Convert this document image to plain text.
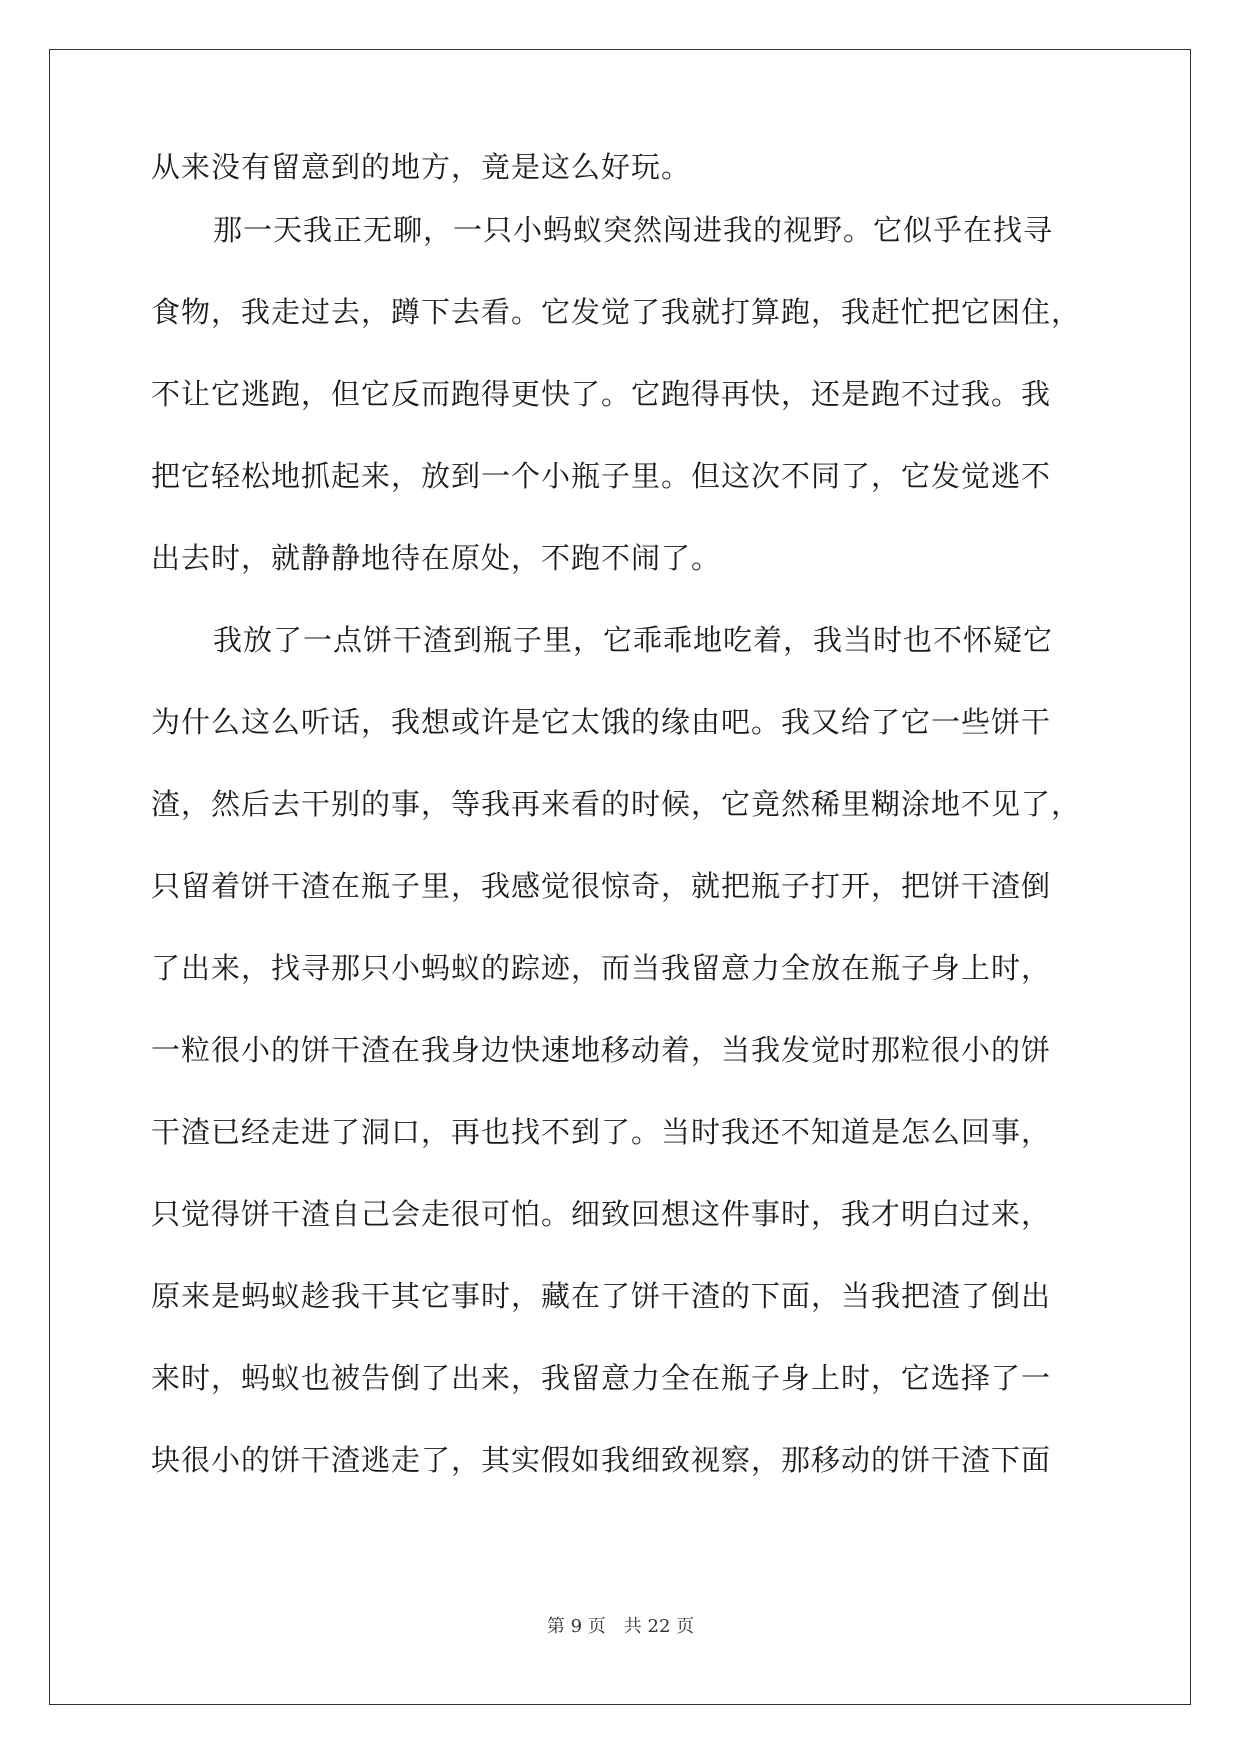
从来没有留意到的地方，竟是这么好玩。
那一天我正无聊，一只小蚂蚁突然闯进我的视野。它似乎在找寻
食物，我走过去，蹲下去看。它发觉了我就打算跑，我赶忙把它困住，
不让它逃跑，但它反而跑得更快了。它跑得再快，还是跑不过我。我
把它轻松地抓起来，放到一个小瓶子里。但这次不同了，它发觉逃不
出去时，就静静地待在原处，不跑不闹了。
我放了一点饼干渣到瓶子里，它乖乖地吃着，我当时也不怀疑它
为什么这么听话，我想或许是它太饿的缘由吧。我又给了它一些饼干
渣，然后去干别的事，等我再来看的时候，它竟然稀里糊涂地不见了，
只留着饼干渣在瓶子里，我感觉很惊奇，就把瓶子打开，把饼干渣倒
了出来，找寻那只小蚂蚁的踪迹，而当我留意力全放在瓶子身上时，
一粒很小的饼干渣在我身边快速地移动着，当我发觉时那粒很小的饼
干渣已经走进了洞口，再也找不到了。当时我还不知道是怎么回事，
只觉得饼干渣自己会走很可怕。细致回想这件事时，我才明白过来，
原来是蚂蚁趁我干其它事时，藏在了饼干渣的下面，当我把渣了倒出
来时，蚂蚁也被告倒了出来，我留意力全在瓶子身上时，它选择了一
块很小的饼干渣逃走了，其实假如我细致视察，那移动的饼干渣下面
第 9 页　共 22 页
